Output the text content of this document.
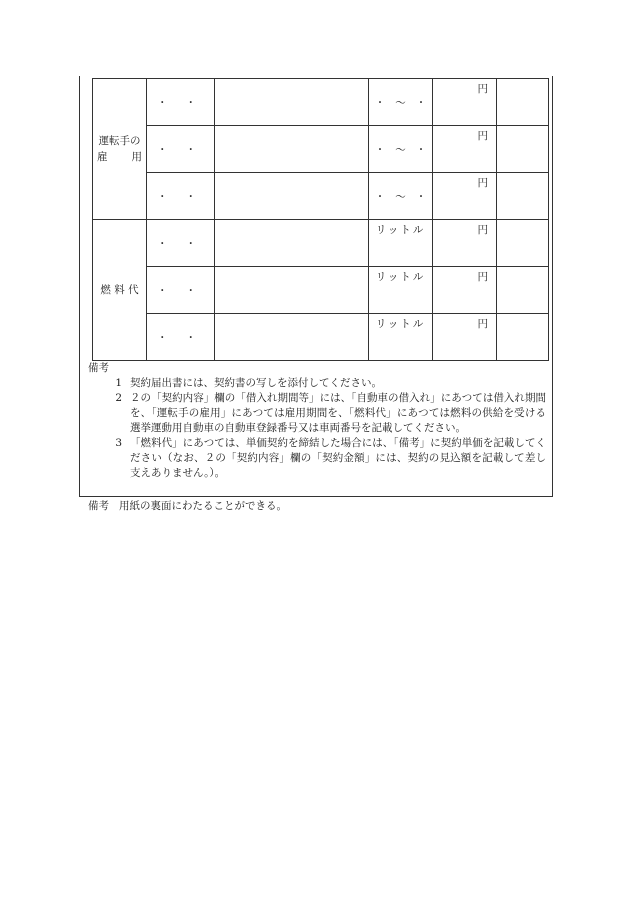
運転手の
雇 用	・・		・ ～ ・	円	

	・・		・ ～ ・	円	

	・・		・ ～ ・	円	

燃 料 代	・・		リットル	円	

	・・		リットル	円	

	・・		リットル	円	

備考

1 契約届出書には、契約書の写しを添付してください。

2 ２の「契約内容」欄の「借入れ期間等」には、「自動車の借入れ」にあつては借入れ期間を、「運転手の雇用」にあつては雇用期間を、「燃料代」にあつては燃料の供給を受ける選挙運動用自動車の自動車登録番号又は車両番号を記載してください。

3 「燃料代」にあつては、単価契約を締結した場合には、「備考」に契約単価を記載してください（なお、２の「契約内容」欄の「契約金額」には、契約の見込額を記載して差し支えありません。）。

備考 用紙の裏面にわたることができる。
